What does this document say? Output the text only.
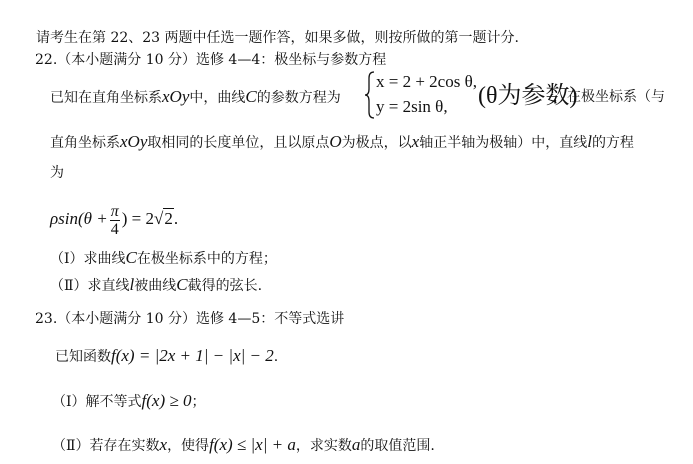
请考生在第 22、23 两题中任选一题作答，如果多做，则按所做的第一题计分.
22.（本小题满分 10 分）选修 4—4：极坐标与参数方程
已知在直角坐标系xOy中，曲线C的参数方程为
x = 2 + 2cos θ,
y = 2sin θ, (θ为参数)
，在极坐标系（与
直角坐标系xOy取相同的长度单位，且以原点O为极点，以x轴正半轴为极轴）中，直线l的方程
为
$\rho\sin(\theta + \frac{\pi}{4}$ ) = 2√2.
（Ⅰ）求曲线C在极坐标系中的方程；
（Ⅱ）求直线l被曲线C截得的弦长.
23.（本小题满分 10 分）选修 4—5：不等式选讲
已知函数f(x) = |2x + 1| − |x| − 2.
（Ⅰ）解不等式f(x) ≥ 0；
（Ⅱ）若存在实数x，使得f(x) ≤ |x| + a，求实数a的取值范围.
